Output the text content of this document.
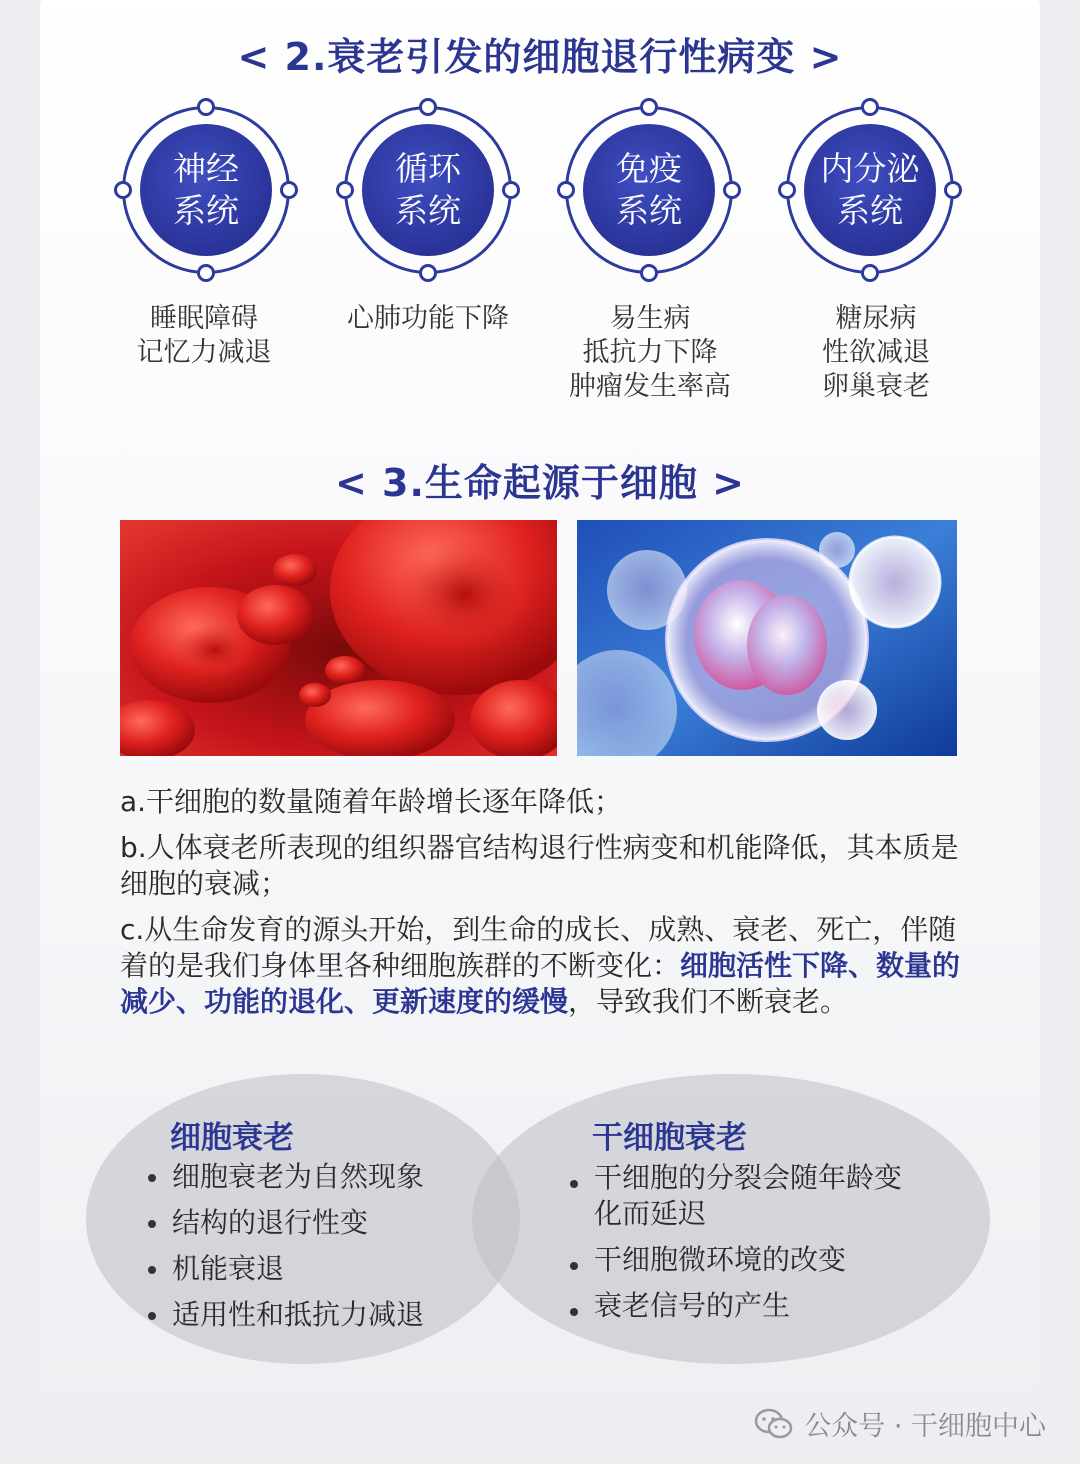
< 2.衰老引发的细胞退行性病变 >
神经
系统
循环
系统
免疫
系统
内分泌
系统
睡眠障碍
记忆力减退
心肺功能下降	易生病
抵抗力下降
肿瘤发生率高
糖尿病
性欲减退
卵巢衰老
< 3.生命起源于细胞 >
a.干细胞的数量随着年龄增长逐年降低；
b.人体衰老所表现的组织器官结构退行性病变和机能降低，其本质是细胞的衰减；
c.从生命发育的源头开始，到生命的成长、成熟、衰老、死亡，伴随着的是我们身体里各种细胞族群的不断变化：细胞活性下降、数量的减少、功能的退化、更新速度的缓慢，导致我们不断衰老。
细胞衰老
细胞衰老为自然现象
结构的退行性变
机能衰退
适用性和抵抗力减退
干细胞衰老
干细胞的分裂会随年龄变化而延迟
干细胞微环境的改变
衰老信号的产生
公众号 · 干细胞中心
